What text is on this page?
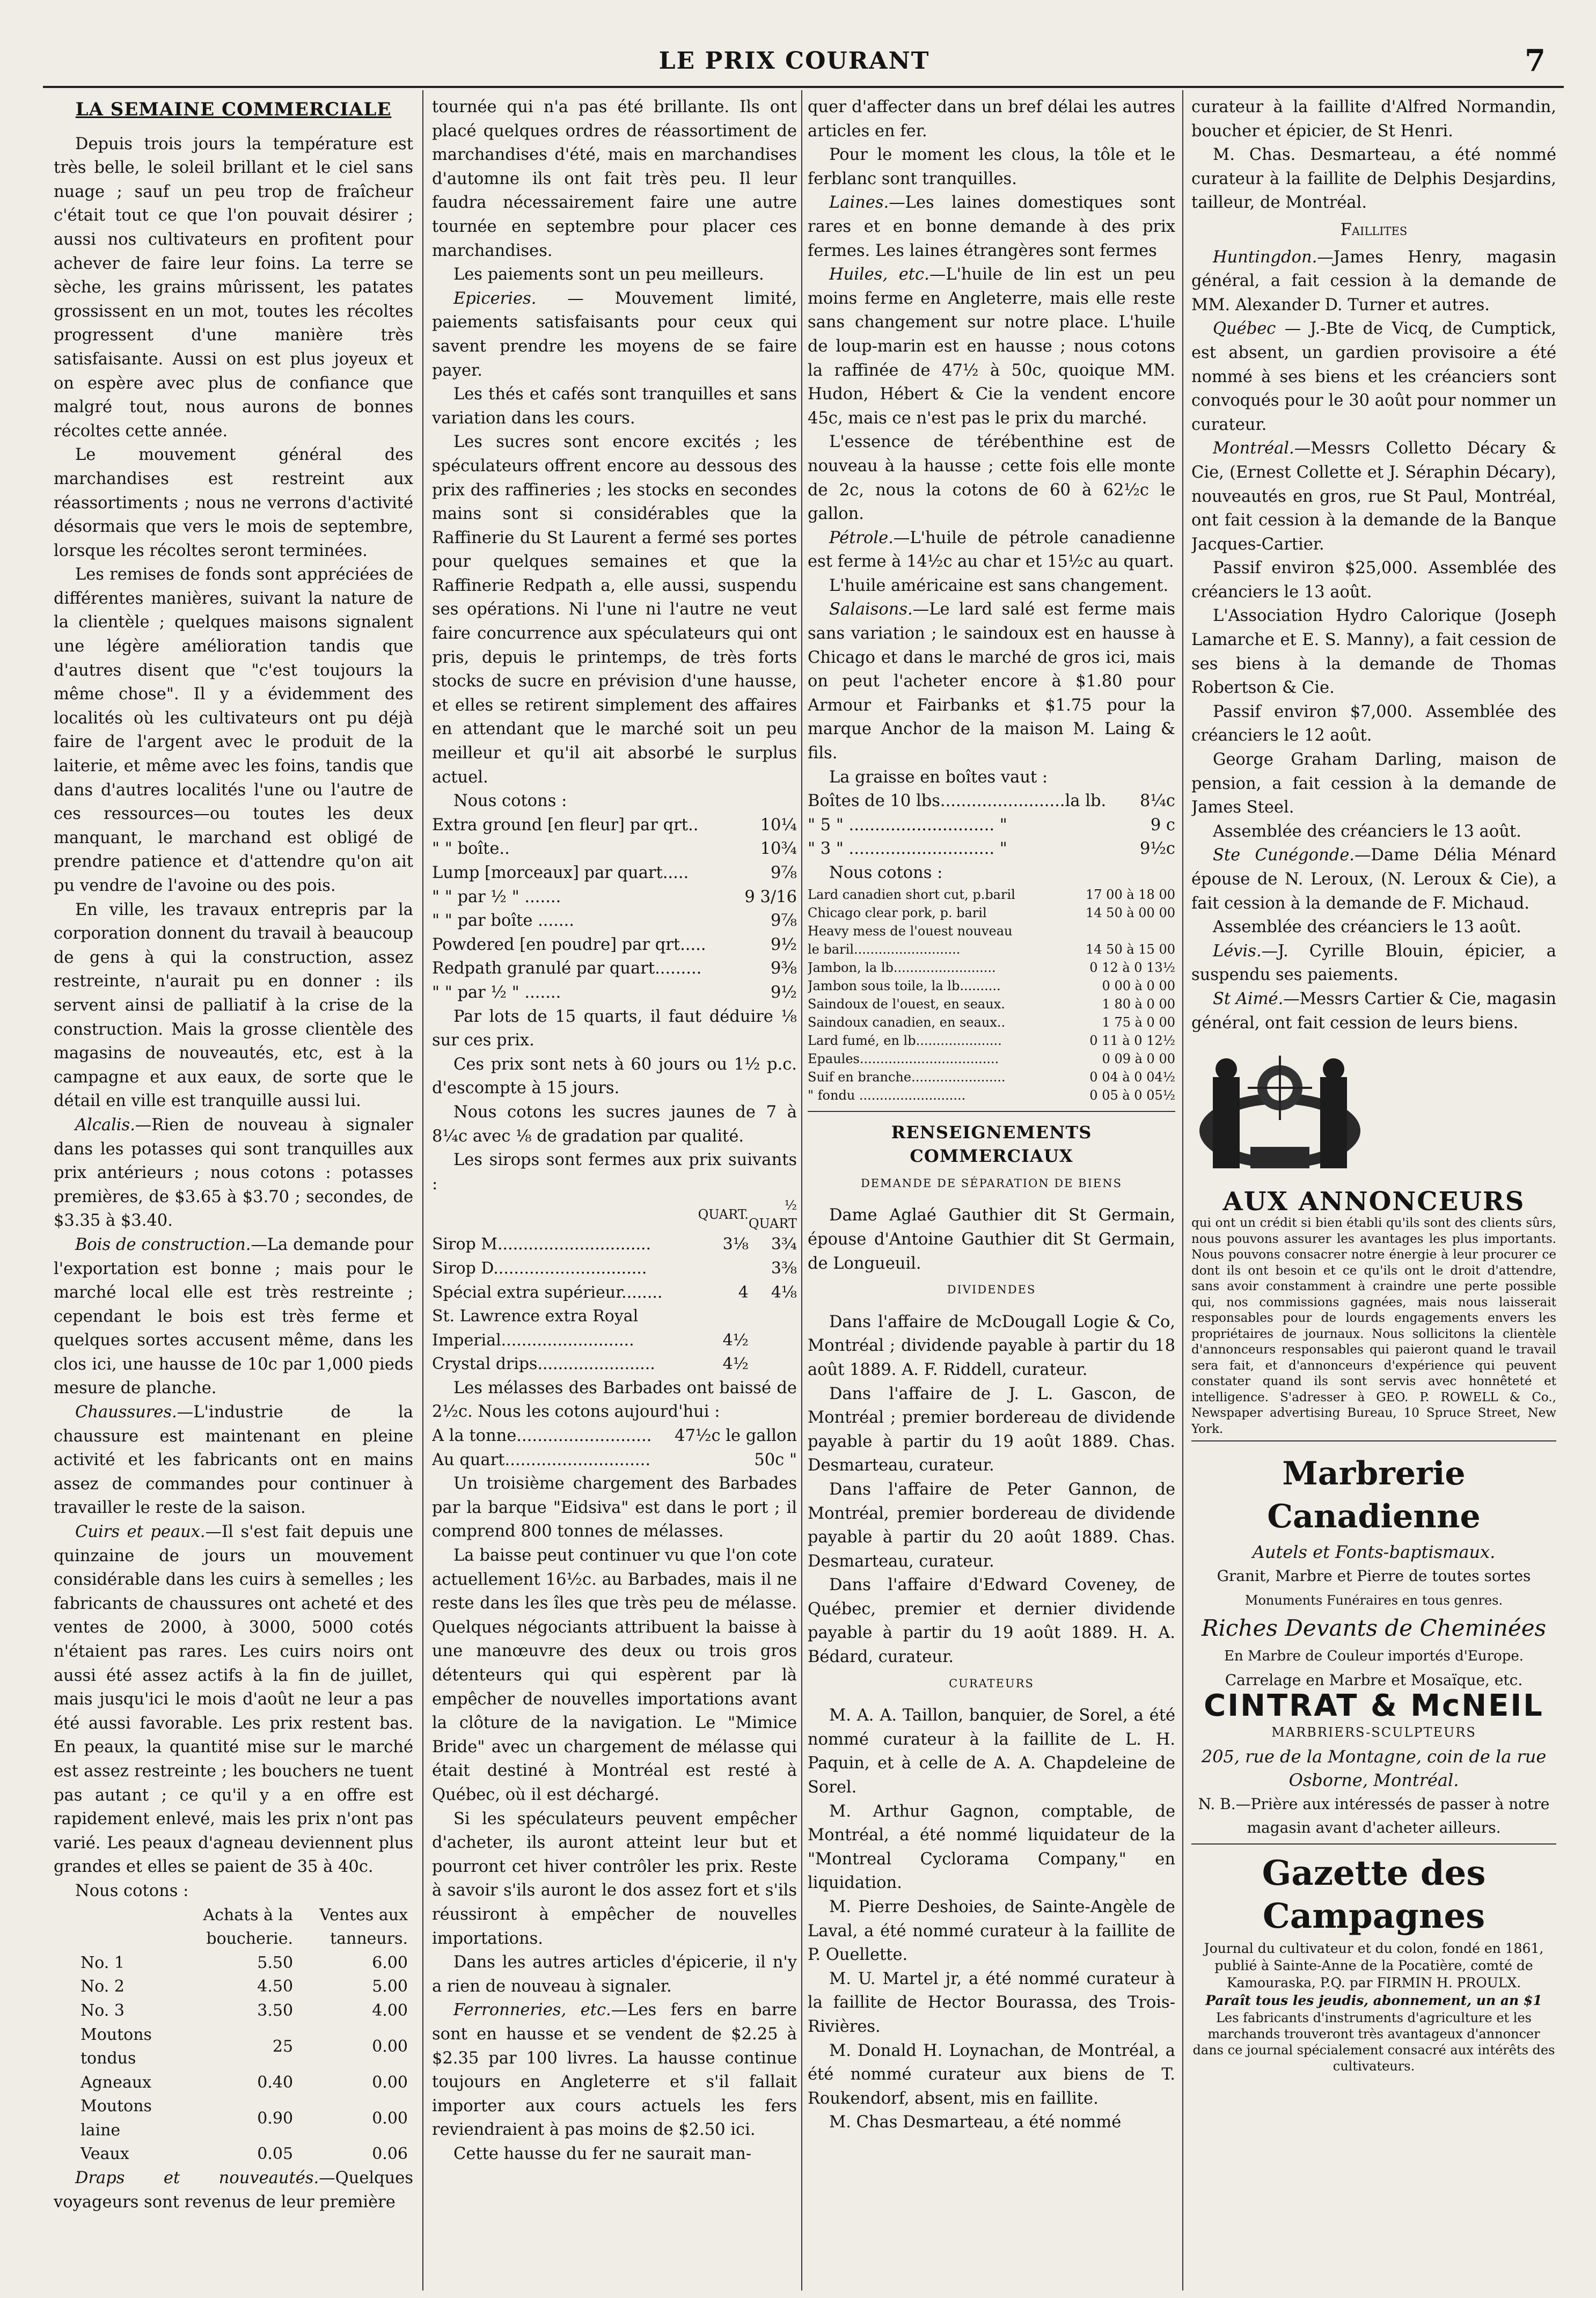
LE PRIX COURANT	7
LA SEMAINE COMMERCIALE

Depuis trois jours la température est très belle, le soleil brillant et le ciel sans nuage ; sauf un peu trop de fraîcheur c'était tout ce que l'on pouvait désirer ; aussi nos cultivateurs en profitent pour achever de faire leur foins. La terre se sèche, les grains mûrissent, les patates grossissent en un mot, toutes les récoltes progressent d'une manière très satisfaisante. Aussi on est plus joyeux et on espère avec plus de confiance que malgré tout, nous aurons de bonnes récoltes cette année.

Le mouvement général des marchandises est restreint aux réassortiments ; nous ne verrons d'activité désormais que vers le mois de septembre, lorsque les récoltes seront terminées.

Les remises de fonds sont appréciées de différentes manières, suivant la nature de la clientèle ; quelques maisons signalent une légère amélioration tandis que d'autres disent que "c'est toujours la même chose". Il y a évidemment des localités où les cultivateurs ont pu déjà faire de l'argent avec le produit de la laiterie, et même avec les foins, tandis que dans d'autres localités l'une ou l'autre de ces ressources—ou toutes les deux manquant, le marchand est obligé de prendre patience et d'attendre qu'on ait pu vendre de l'avoine ou des pois.

En ville, les travaux entrepris par la corporation donnent du travail à beaucoup de gens à qui la construction, assez restreinte, n'aurait pu en donner : ils servent ainsi de palliatif à la crise de la construction. Mais la grosse clientèle des magasins de nouveautés, etc, est à la campagne et aux eaux, de sorte que le détail en ville est tranquille aussi lui.

Alcalis.—Rien de nouveau à signaler dans les potasses qui sont tranquilles aux prix antérieurs ; nous cotons : potasses premières, de $3.65 à $3.70 ; secondes, de $3.35 à $3.40.

Bois de construction.—La demande pour l'exportation est bonne ; mais pour le marché local elle est très restreinte ; cependant le bois est très ferme et quelques sortes accusent même, dans les clos ici, une hausse de 10c par 1,000 pieds mesure de planche.

Chaussures.—L'industrie de la chaussure est maintenant en pleine activité et les fabricants ont en mains assez de commandes pour continuer à travailler le reste de la saison.

Cuirs et peaux.—Il s'est fait depuis une quinzaine de jours un mouvement considérable dans les cuirs à semelles ; les fabricants de chaussures ont acheté et des ventes de 2000, à 3000, 5000 cotés n'étaient pas rares. Les cuirs noirs ont aussi été assez actifs à la fin de juillet, mais jusqu'ici le mois d'août ne leur a pas été aussi favorable. Les prix restent bas. En peaux, la quantité mise sur le marché est assez restreinte ; les bouchers ne tuent pas autant ; ce qu'il y a en offre est rapidement enlevé, mais les prix n'ont pas varié. Les peaux d'agneau deviennent plus grandes et elles se paient de 35 à 40c.

Nous cotons :

	Achats à la boucherie.	Ventes aux tanneurs.
No. 1	5.50	6.00
No. 2	4.50	5.00
No. 3	3.50	4.00
Moutons tondus	25	0.00
Agneaux	0.40	0.00
Moutons laine	0.90	0.00
Veaux	0.05	0.06

Draps et nouveautés.—Quelques voyageurs sont revenus de leur première

tournée qui n'a pas été brillante. Ils ont placé quelques ordres de réassortiment de marchandises d'été, mais en marchandises d'automne ils ont fait très peu. Il leur faudra nécessairement faire une autre tournée en septembre pour placer ces marchandises.

Les paiements sont un peu meilleurs.

Epiceries. — Mouvement limité, paiements satisfaisants pour ceux qui savent prendre les moyens de se faire payer.

Les thés et cafés sont tranquilles et sans variation dans les cours.

Les sucres sont encore excités ; les spéculateurs offrent encore au dessous des prix des raffineries ; les stocks en secondes mains sont si considérables que la Raffinerie du St Laurent a fermé ses portes pour quelques semaines et que la Raffinerie Redpath a, elle aussi, suspendu ses opérations. Ni l'une ni l'autre ne veut faire concurrence aux spéculateurs qui ont pris, depuis le printemps, de très forts stocks de sucre en prévision d'une hausse, et elles se retirent simplement des affaires en attendant que le marché soit un peu meilleur et qu'il ait absorbé le surplus actuel.

Nous cotons :

Extra ground [en fleur] par qrt..	10¼
" " boîte..	10¾
Lump [morceaux] par quart.....	9⅞
" " par ½ " .......	9 3/16
" " par boîte .......	9⅞
Powdered [en poudre] par qrt.....	9½
Redpath granulé par quart.........	9⅜
" " par ½ " .......	9½

Par lots de 15 quarts, il faut déduire ⅛ sur ces prix.

Ces prix sont nets à 60 jours ou 1½ p.c. d'escompte à 15 jours.

Nous cotons les sucres jaunes de 7 à 8¼c avec ⅛ de gradation par qualité.

Les sirops sont fermes aux prix suivants :

	QUART.	½ QUART
Sirop M..............................	3⅛	3¾
Sirop D..............................		3⅜
Spécial extra supérieur........	4	4⅛
St. Lawrence extra Royal		
Imperial..........................	4½	
Crystal drips.......................	4½	

Les mélasses des Barbades ont baissé de 2½c. Nous les cotons aujourd'hui :

A la tonne..........................	47½c le gallon
Au quart............................	50c "

Un troisième chargement des Barbades par la barque "Eidsiva" est dans le port ; il comprend 800 tonnes de mélasses.

La baisse peut continuer vu que l'on cote actuellement 16½c. au Barbades, mais il ne reste dans les îles que très peu de mélasse. Quelques négociants attribuent la baisse à une manœuvre des deux ou trois gros détenteurs qui qui espèrent par là empêcher de nouvelles importations avant la clôture de la navigation. Le "Mimice Bride" avec un chargement de mélasse qui était destiné à Montréal est resté à Québec, où il est déchargé.

Si les spéculateurs peuvent empêcher d'acheter, ils auront atteint leur but et pourront cet hiver contrôler les prix. Reste à savoir s'ils auront le dos assez fort et s'ils réussiront à empêcher de nouvelles importations.

Dans les autres articles d'épicerie, il n'y a rien de nouveau à signaler.

Ferronneries, etc.—Les fers en barre sont en hausse et se vendent de $2.25 à $2.35 par 100 livres. La hausse continue toujours en Angleterre et s'il fallait importer aux cours actuels les fers reviendraient à pas moins de $2.50 ici.

Cette hausse du fer ne saurait man-

quer d'affecter dans un bref délai les autres articles en fer.

Pour le moment les clous, la tôle et le ferblanc sont tranquilles.

Laines.—Les laines domestiques sont rares et en bonne demande à des prix fermes. Les laines étrangères sont fermes

Huiles, etc.—L'huile de lin est un peu moins ferme en Angleterre, mais elle reste sans changement sur notre place. L'huile de loup-marin est en hausse ; nous cotons la raffinée de 47½ à 50c, quoique MM. Hudon, Hébert & Cie la vendent encore 45c, mais ce n'est pas le prix du marché.

L'essence de térébenthine est de nouveau à la hausse ; cette fois elle monte de 2c, nous la cotons de 60 à 62½c le gallon.

Pétrole.—L'huile de pétrole canadienne est ferme à 14½c au char et 15½c au quart.

L'huile américaine est sans changement.

Salaisons.—Le lard salé est ferme mais sans variation ; le saindoux est en hausse à Chicago et dans le marché de gros ici, mais on peut l'acheter encore à $1.80 pour Armour et Fairbanks et $1.75 pour la marque Anchor de la maison M. Laing & fils.

La graisse en boîtes vaut :

Boîtes de 10 lbs........................la lb.	8¼c
" 5 " ............................ "	9 c
" 3 " ............................ "	9½c

Nous cotons :

Lard canadien short cut, p.baril	17 00 à 18 00
Chicago clear pork, p. baril	14 50 à 00 00
Heavy mess de l'ouest nouveau
le baril..........................	14 50 à 15 00
Jambon, la lb.........................	0 12 à 0 13½
Jambon sous toile, la lb..........	0 00 à 0 00
Saindoux de l'ouest, en seaux.	1 80 à 0 00
Saindoux canadien, en seaux..	1 75 à 0 00
Lard fumé, en lb.....................	0 11 à 0 12½
Epaules..................................	0 09 à 0 00
Suif en branche.......................	0 04 à 0 04½
" fondu ..........................	0 05 à 0 05½
RENSEIGNEMENTS COMMERCIAUX
DEMANDE DE SÉPARATION DE BIENS

Dame Aglaé Gauthier dit St Germain, épouse d'Antoine Gauthier dit St Germain, de Longueuil.

DIVIDENDES

Dans l'affaire de McDougall Logie & Co, Montréal ; dividende payable à partir du 18 août 1889. A. F. Riddell, curateur.

Dans l'affaire de J. L. Gascon, de Montréal ; premier bordereau de dividende payable à partir du 19 août 1889. Chas. Desmarteau, curateur.

Dans l'affaire de Peter Gannon, de Montréal, premier bordereau de dividende payable à partir du 20 août 1889. Chas. Desmarteau, curateur.

Dans l'affaire d'Edward Coveney, de Québec, premier et dernier dividende payable à partir du 19 août 1889. H. A. Bédard, curateur.

CURATEURS

M. A. A. Taillon, banquier, de Sorel, a été nommé curateur à la faillite de L. H. Paquin, et à celle de A. A. Chapdeleine de Sorel.

M. Arthur Gagnon, comptable, de Montréal, a été nommé liquidateur de la "Montreal Cyclorama Company," en liquidation.

M. Pierre Deshoies, de Sainte-Angèle de Laval, a été nommé curateur à la faillite de P. Ouellette.

M. U. Martel jr, a été nommé curateur à la faillite de Hector Bourassa, des Trois-Rivières.

M. Donald H. Loynachan, de Montréal, a été nommé curateur aux biens de T. Roukendorf, absent, mis en faillite.

M. Chas Desmarteau, a été nommé

curateur à la faillite d'Alfred Normandin, boucher et épicier, de St Henri.

M. Chas. Desmarteau, a été nommé curateur à la faillite de Delphis Desjardins, tailleur, de Montréal.

Faillites

Huntingdon.—James Henry, magasin général, a fait cession à la demande de MM. Alexander D. Turner et autres.

Québec — J.-Bte de Vicq, de Cumptick, est absent, un gardien provisoire a été nommé à ses biens et les créanciers sont convoqués pour le 30 août pour nommer un curateur.

Montréal.—Messrs Colletto Décary & Cie, (Ernest Collette et J. Séraphin Décary), nouveautés en gros, rue St Paul, Montréal, ont fait cession à la demande de la Banque Jacques-Cartier.

Passif environ $25,000. Assemblée des créanciers le 13 août.

L'Association Hydro Calorique (Joseph Lamarche et E. S. Manny), a fait cession de ses biens à la demande de Thomas Robertson & Cie.

Passif environ $7,000. Assemblée des créanciers le 12 août.

George Graham Darling, maison de pension, a fait cession à la demande de James Steel.

Assemblée des créanciers le 13 août.

Ste Cunégonde.—Dame Délia Ménard épouse de N. Leroux, (N. Leroux & Cie), a fait cession à la demande de F. Michaud.

Assemblée des créanciers le 13 août.

Lévis.—J. Cyrille Blouin, épicier, a suspendu ses paiements.

St Aimé.—Messrs Cartier & Cie, magasin général, ont fait cession de leurs biens.

AUX ANNONCEURS
qui ont un crédit si bien établi qu'ils sont des clients sûrs, nous pouvons assurer les avantages les plus importants. Nous pouvons consacrer notre énergie à leur procurer ce dont ils ont besoin et ce qu'ils ont le droit d'attendre, sans avoir constamment à craindre une perte possible qui, nos commissions gagnées, mais nous laisserait responsables pour de lourds engagements envers les propriétaires de journaux. Nous sollicitons la clientèle d'annonceurs responsables qui paieront quand le travail sera fait, et d'annonceurs d'expérience qui peuvent constater quand ils sont servis avec honnêteté et intelligence. S'adresser à GEO. P. ROWELL & Co., Newspaper advertising Bureau, 10 Spruce Street, New York.
Marbrerie Canadienne
Autels et Fonts-baptismaux.
Granit, Marbre et Pierre de toutes sortes
Monuments Funéraires en tous genres.
Riches Devants de Cheminées
En Marbre de Couleur importés d'Europe.
Carrelage en Marbre et Mosaïque, etc.
CINTRAT & McNEIL
MARBRIERS-SCULPTEURS
205, rue de la Montagne, coin de la rue Osborne, Montréal.
N. B.—Prière aux intéressés de passer à notre magasin avant d'acheter ailleurs.
Gazette des Campagnes
Journal du cultivateur et du colon, fondé en 1861, publié à Sainte-Anne de la Pocatière, comté de Kamouraska, P.Q. par FIRMIN H. PROULX.
Paraît tous les jeudis, abonnement, un an $1
Les fabricants d'instruments d'agriculture et les marchands trouveront très avantageux d'annoncer dans ce journal spécialement consacré aux intérêts des cultivateurs.
